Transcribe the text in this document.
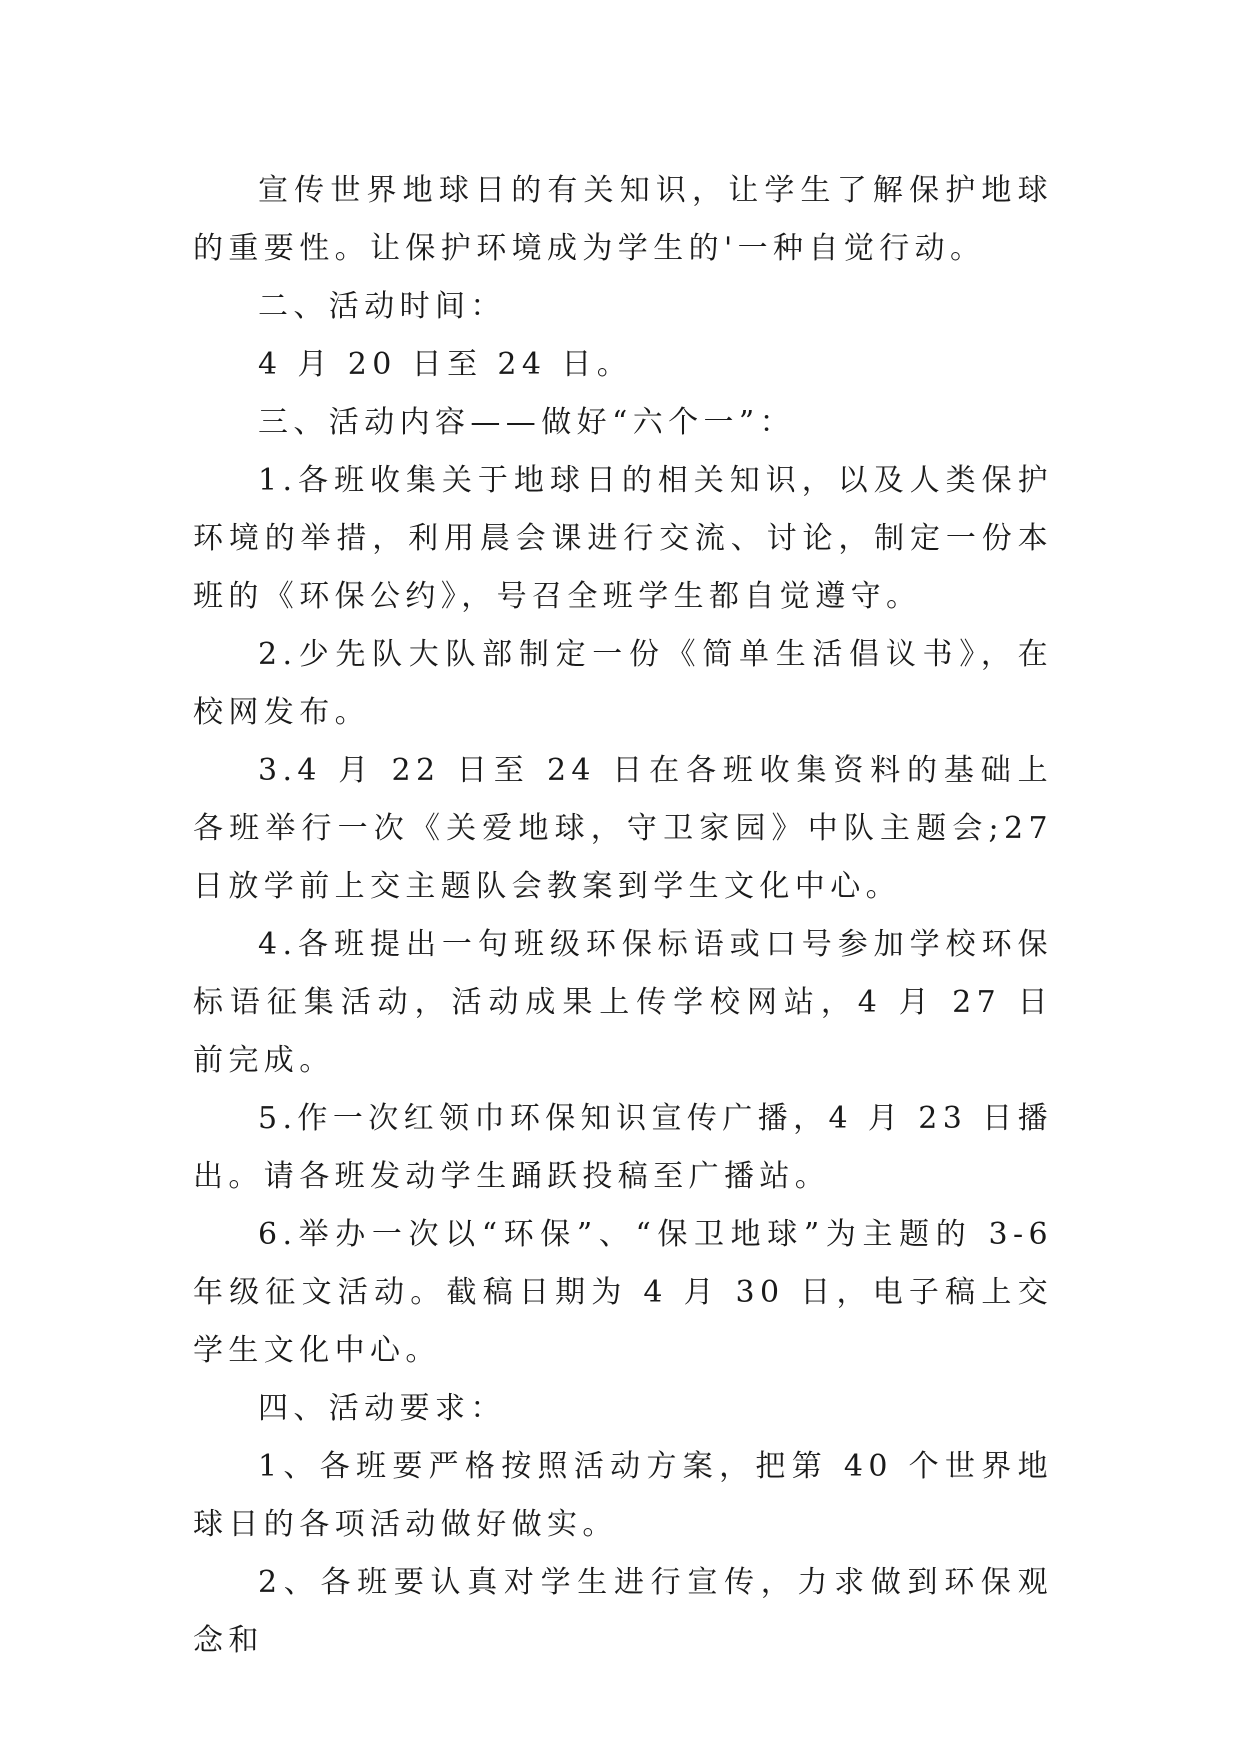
宣传世界地球日的有关知识，让学生了解保护地球的重要性。让保护环境成为学生的'一种自觉行动。

二、活动时间：

4 月 20 日至 24 日。

三、活动内容——做好“六个一”：

1.各班收集关于地球日的相关知识，以及人类保护环境的举措，利用晨会课进行交流、讨论，制定一份本班的《环保公约》，号召全班学生都自觉遵守。

2.少先队大队部制定一份《简单生活倡议书》，在校网发布。

3.4 月 22 日至 24 日在各班收集资料的基础上各班举行一次《关爱地球，守卫家园》中队主题会;27 日放学前上交主题队会教案到学生文化中心。

4.各班提出一句班级环保标语或口号参加学校环保标语征集活动，活动成果上传学校网站，4 月 27 日前完成。

5.作一次红领巾环保知识宣传广播，4 月 23 日播出。请各班发动学生踊跃投稿至广播站。

6.举办一次以“环保”、“保卫地球”为主题的 3-6 年级征文活动。截稿日期为 4 月 30 日，电子稿上交学生文化中心。

四、活动要求：

1、各班要严格按照活动方案，把第 40 个世界地球日的各项活动做好做实。

2、各班要认真对学生进行宣传，力求做到环保观念和
